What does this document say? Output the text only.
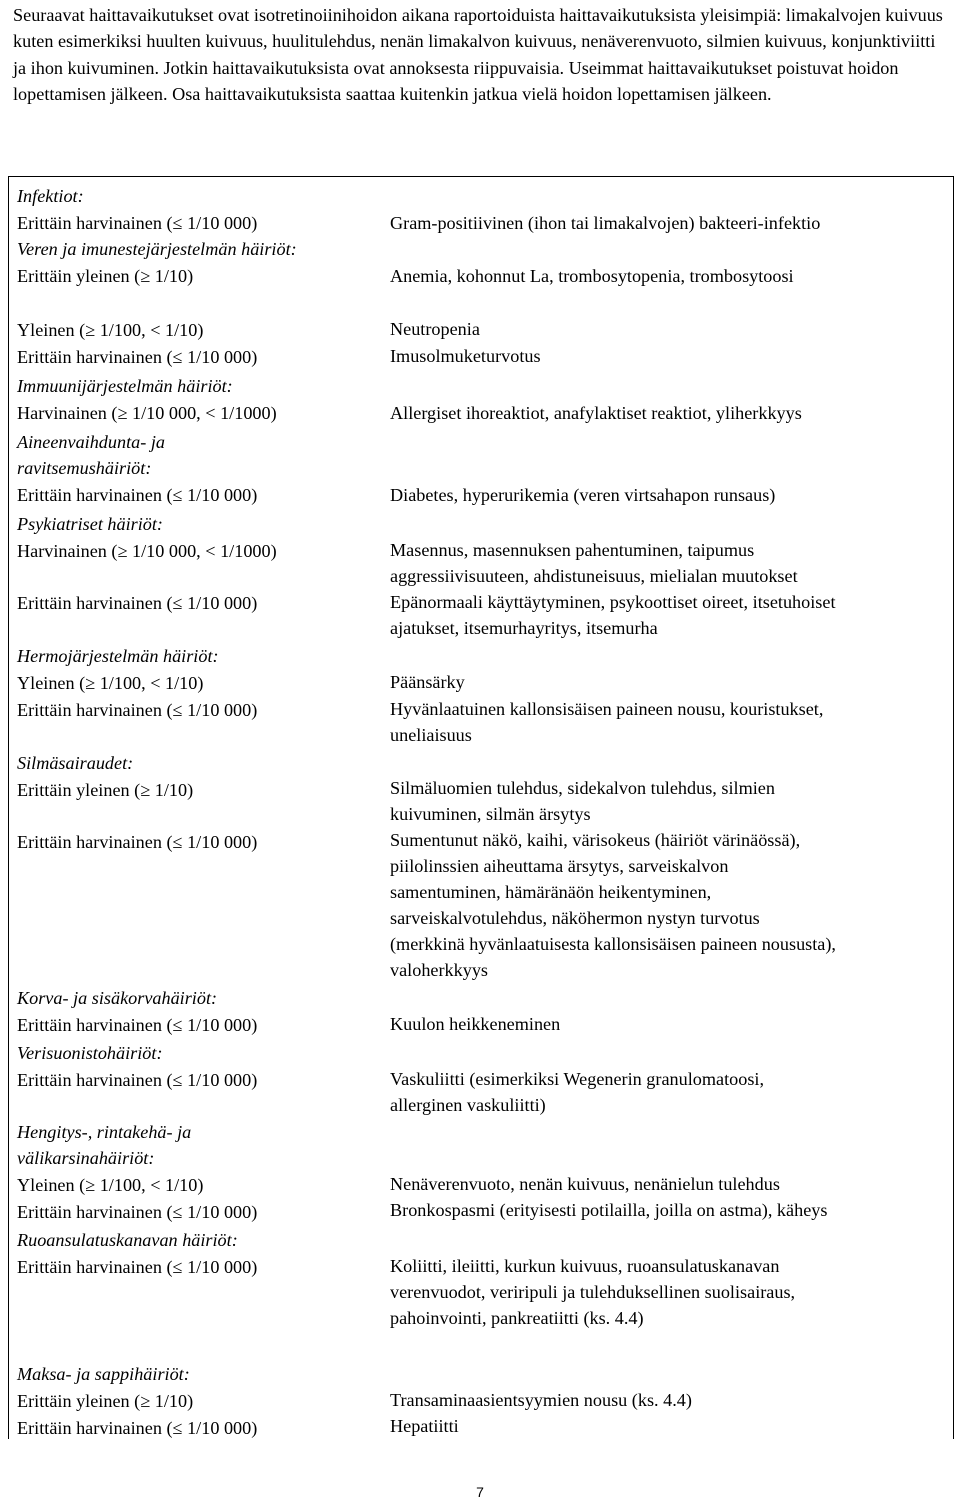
Seuraavat haittavaikutukset ovat isotretinoiinihoidon aikana raportoiduista haittavaikutuksista yleisimpiä: limakalvojen kuivuus kuten esimerkiksi huulten kuivuus, huulitulehdus, nenän limakalvon kuivuus, nenäverenvuoto, silmien kuivuus, konjunktiviitti ja ihon kuivuminen. Jotkin haittavaikutuksista ovat annoksesta riippuvaisia. Useimmat haittavaikutukset poistuvat hoidon lopettamisen jälkeen. Osa haittavaikutuksista saattaa kuitenkin jatkua vielä hoidon lopettamisen jälkeen.

Infektiot:
Erittäin harvinainen (≤ 1/10 000)	Gram-positiivinen (ihon tai limakalvojen) bakteeri-infektio
Veren ja imunestejärjestelmän häiriöt:
Erittäin yleinen (≥ 1/10)	Anemia, kohonnut La, trombosytopenia, trombosytoosi
Yleinen (≥ 1/100, < 1/10)	Neutropenia
Erittäin harvinainen (≤ 1/10 000)	Imusolmuketurvotus
Immuunijärjestelmän häiriöt:
Harvinainen (≥ 1/10 000, < 1/1000)	Allergiset ihoreaktiot, anafylaktiset reaktiot, yliherkkyys
Aineenvaihdunta- ja
ravitsemushäiriöt:
Erittäin harvinainen (≤ 1/10 000)	Diabetes, hyperurikemia (veren virtsahapon runsaus)
Psykiatriset häiriöt:
Harvinainen (≥ 1/10 000, < 1/1000)	Masennus, masennuksen pahentuminen, taipumus
aggressiivisuuteen, ahdistuneisuus, mielialan muutokset
Erittäin harvinainen (≤ 1/10 000)	Epänormaali käyttäytyminen, psykoottiset oireet, itsetuhoiset
ajatukset, itsemurhayritys, itsemurha
Hermojärjestelmän häiriöt:
Yleinen (≥ 1/100, < 1/10)	Päänsärky
Erittäin harvinainen (≤ 1/10 000)	Hyvänlaatuinen kallonsisäisen paineen nousu, kouristukset,
uneliaisuus
Silmäsairaudet:
Erittäin yleinen (≥ 1/10)	Silmäluomien tulehdus, sidekalvon tulehdus, silmien
kuivuminen, silmän ärsytys
Erittäin harvinainen (≤ 1/10 000)	Sumentunut näkö, kaihi, värisokeus (häiriöt värinäössä),
piilolinssien aiheuttama ärsytys, sarveiskalvon
samentuminen, hämäränäön heikentyminen,
sarveiskalvotulehdus, näköhermon nystyn turvotus
(merkkinä hyvänlaatuisesta kallonsisäisen paineen noususta),
valoherkkyys
Korva- ja sisäkorvahäiriöt:
Erittäin harvinainen (≤ 1/10 000)	Kuulon heikkeneminen
Verisuonistohäiriöt:
Erittäin harvinainen (≤ 1/10 000)	Vaskuliitti (esimerkiksi Wegenerin granulomatoosi,
allerginen vaskuliitti)
Hengitys-, rintakehä- ja
välikarsinahäiriöt:
Yleinen (≥ 1/100, < 1/10)	Nenäverenvuoto, nenän kuivuus, nenänielun tulehdus
Erittäin harvinainen (≤ 1/10 000)	Bronkospasmi (erityisesti potilailla, joilla on astma), käheys
Ruoansulatuskanavan häiriöt:
Erittäin harvinainen (≤ 1/10 000)	Koliitti, ileiitti, kurkun kuivuus, ruoansulatuskanavan
verenvuodot, veriripuli ja tulehduksellinen suolisairaus,
pahoinvointi, pankreatiitti (ks. 4.4)
Maksa- ja sappihäiriöt:
Erittäin yleinen (≥ 1/10)	Transaminaasientsyymien nousu (ks. 4.4)
Erittäin harvinainen (≤ 1/10 000)	Hepatiitti
7
